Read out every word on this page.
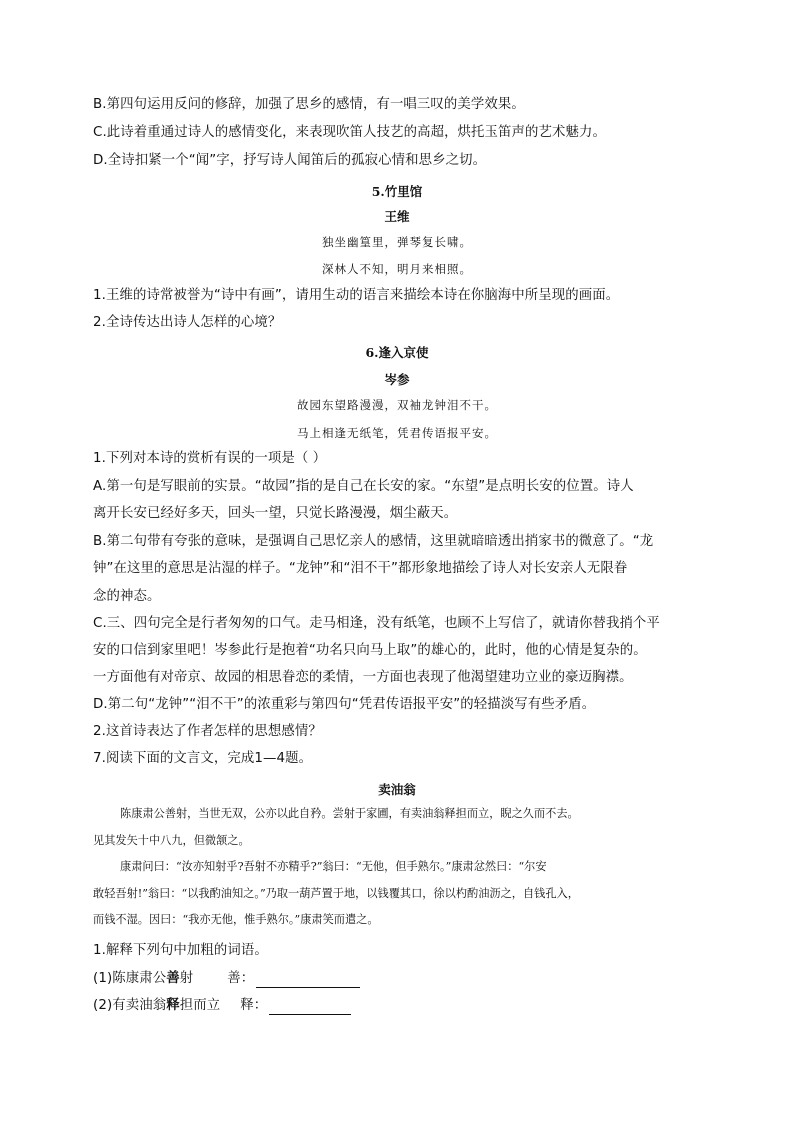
B.第四句运用反问的修辞，加强了思乡的感情，有一唱三叹的美学效果。
C.此诗着重通过诗人的感情变化，来表现吹笛人技艺的高超，烘托玉笛声的艺术魅力。
D.全诗扣紧一个“闻”字，抒写诗人闻笛后的孤寂心情和思乡之切。
5.竹里馆
王维
独坐幽篁里，弹琴复长啸。
深林人不知，明月来相照。
1.王维的诗常被誉为“诗中有画”，请用生动的语言来描绘本诗在你脑海中所呈现的画面。
2.全诗传达出诗人怎样的心境？
6.逢入京使
岑参
故园东望路漫漫，双袖龙钟泪不干。
马上相逢无纸笔，凭君传语报平安。
1.下列对本诗的赏析有误的一项是（ ）
A.第一句是写眼前的实景。“故园”指的是自己在长安的家。“东望”是点明长安的位置。诗人
离开长安已经好多天，回头一望，只觉长路漫漫，烟尘蔽天。
B.第二句带有夸张的意味，是强调自己思忆亲人的感情，这里就暗暗透出捎家书的微意了。“龙
钟”在这里的意思是沾湿的样子。“龙钟”和“泪不干”都形象地描绘了诗人对长安亲人无限眷
念的神态。
C.三、四句完全是行者匆匆的口气。走马相逢，没有纸笔，也顾不上写信了，就请你替我捎个平
安的口信到家里吧！岑参此行是抱着“功名只向马上取”的雄心的，此时，他的心情是复杂的。
一方面他有对帝京、故园的相思眷恋的柔情，一方面也表现了他渴望建功立业的豪迈胸襟。
D.第二句“龙钟”“泪不干”的浓重彩与第四句“凭君传语报平安”的轻描淡写有些矛盾。
2.这首诗表达了作者怎样的思想感情？
7.阅读下面的文言文，完成1—4题。
卖油翁
陈康肃公善射，当世无双，公亦以此自矜。尝射于家圃，有卖油翁释担而立，睨之久而不去。
见其发矢十中八九，但微颔之。
康肃问曰：“汝亦知射乎?吾射不亦精乎?”翁曰：“无他，但手熟尔。”康肃忿然曰：“尔安
敢轻吾射!”翁曰：“以我酌油知之。”乃取一葫芦置于地，以钱覆其口，徐以杓酌油沥之，自钱孔入，
而钱不湿。因曰：“我亦无他，惟手熟尔。”康肃笑而遣之。
1.解释下列句中加粗的词语。
(1)陈康肃公善射	善：
(2)有卖油翁释担而立 释：
